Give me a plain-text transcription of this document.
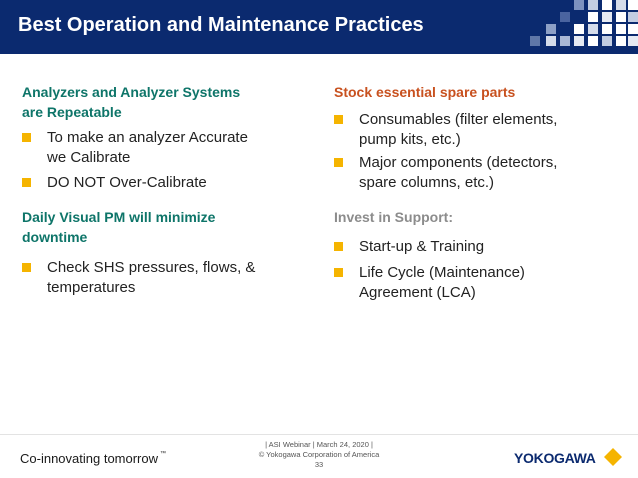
Best Operation and Maintenance Practices
Analyzers and Analyzer Systems
are Repeatable
To make an analyzer Accurate
we Calibrate
DO NOT Over-Calibrate
Daily Visual PM will minimize
downtime
Check SHS pressures, flows, &
temperatures
Stock essential spare parts
Consumables (filter elements,
pump kits, etc.)
Major components (detectors,
spare columns, etc.)
Invest in Support:
Start-up & Training
Life Cycle (Maintenance)
Agreement (LCA)
Co-innovating tomorrow ™
| ASI Webinar | March 24, 2020 |
© Yokogawa Corporation of America
33	YOKOGAWA
